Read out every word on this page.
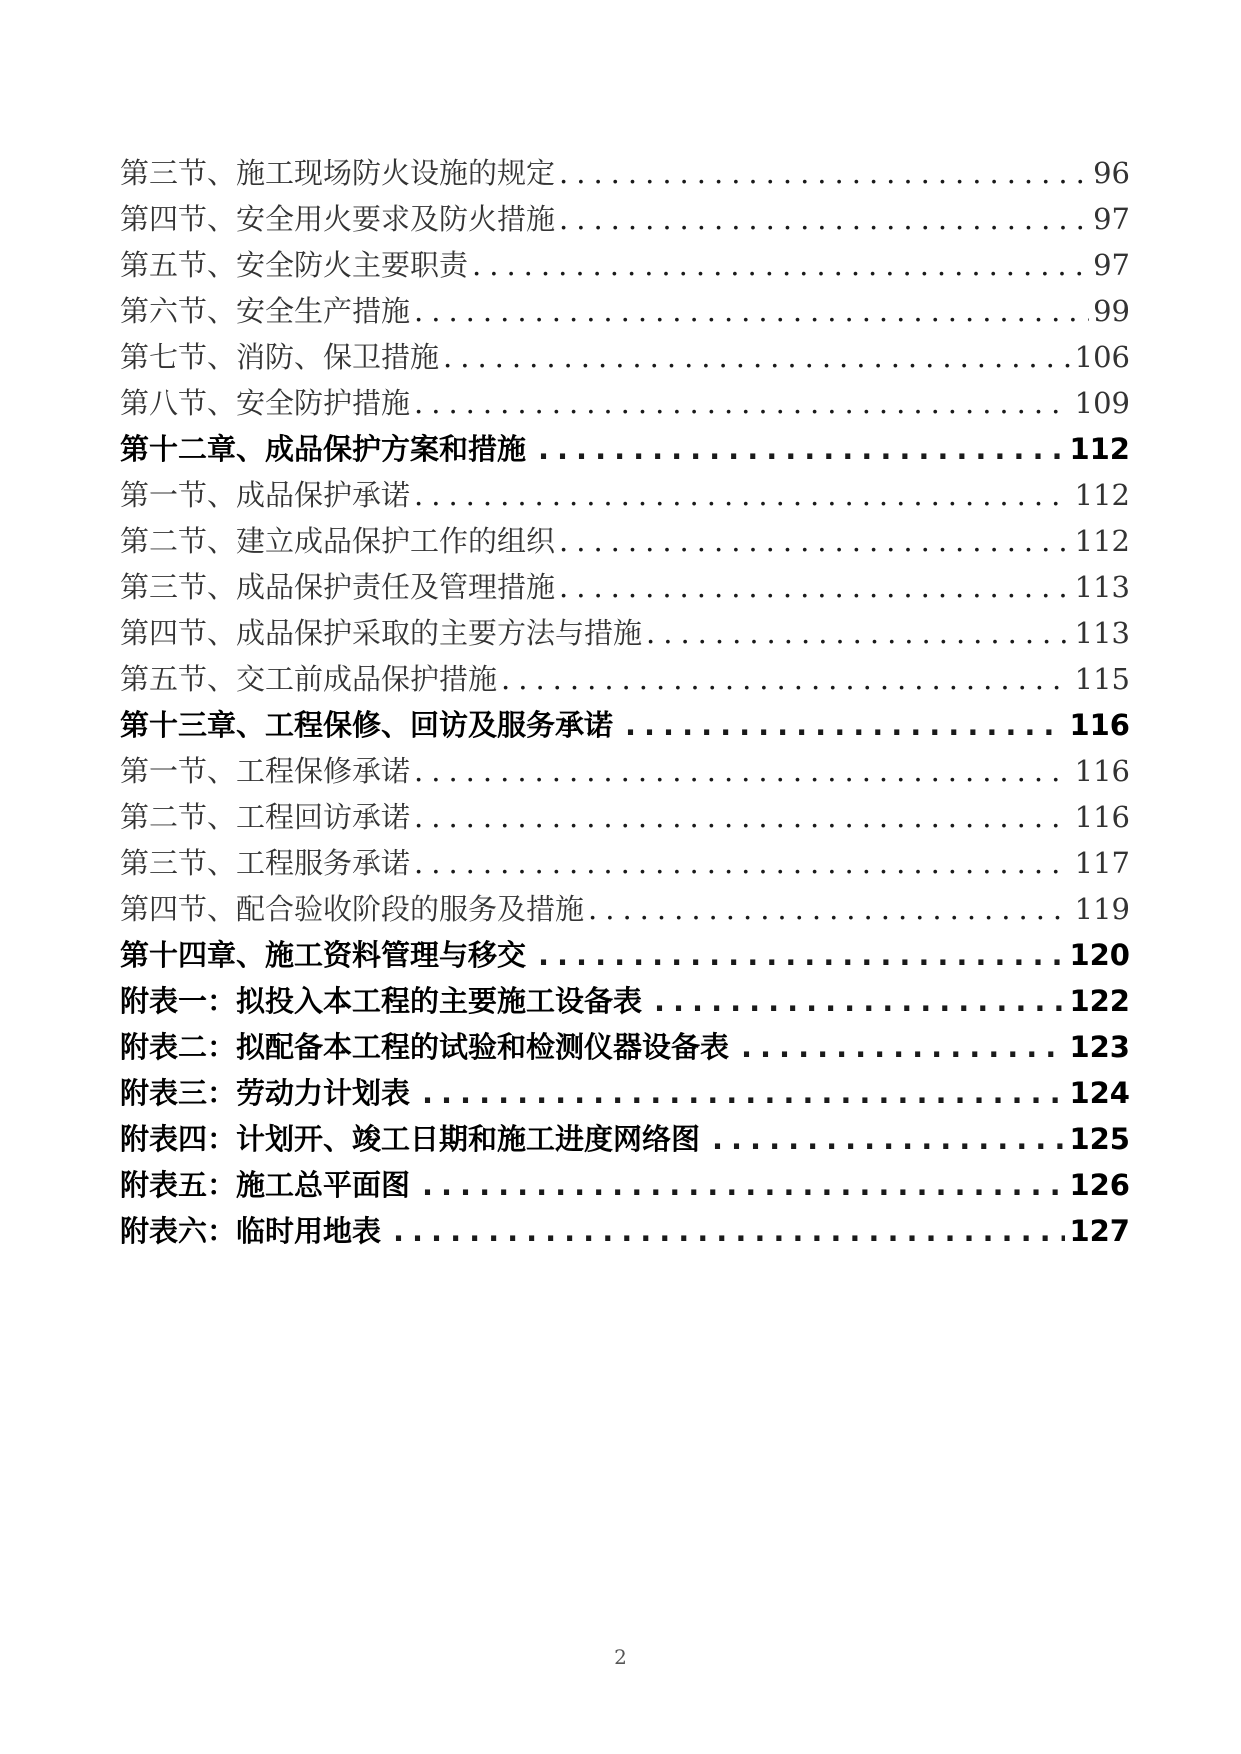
第三节、施工现场防火设施的规定 .....	96
第四节、安全用火要求及防火措施 .....	97
第五节、安全防火主要职责 .....	97
第六节、安全生产措施 .....	99
第七节、消防、保卫措施 .....	106
第八节、安全防护措施 .....	109
第十二章、成品保护方案和措施 .....	112
第一节、成品保护承诺 .....	112
第二节、建立成品保护工作的组织 .....	112
第三节、成品保护责任及管理措施 .....	113
第四节、成品保护采取的主要方法与措施 .....	113
第五节、交工前成品保护措施 .....	115
第十三章、工程保修、回访及服务承诺 .....	116
第一节、工程保修承诺 .....	116
第二节、工程回访承诺 .....	116
第三节、工程服务承诺 .....	117
第四节、配合验收阶段的服务及措施 .....	119
第十四章、施工资料管理与移交 .....	120
附表一：拟投入本工程的主要施工设备表 .....	122
附表二：拟配备本工程的试验和检测仪器设备表 .....	123
附表三：劳动力计划表 .....	124
附表四：计划开、竣工日期和施工进度网络图 .....	125
附表五：施工总平面图 .....	126
附表六：临时用地表 .....	127
2
